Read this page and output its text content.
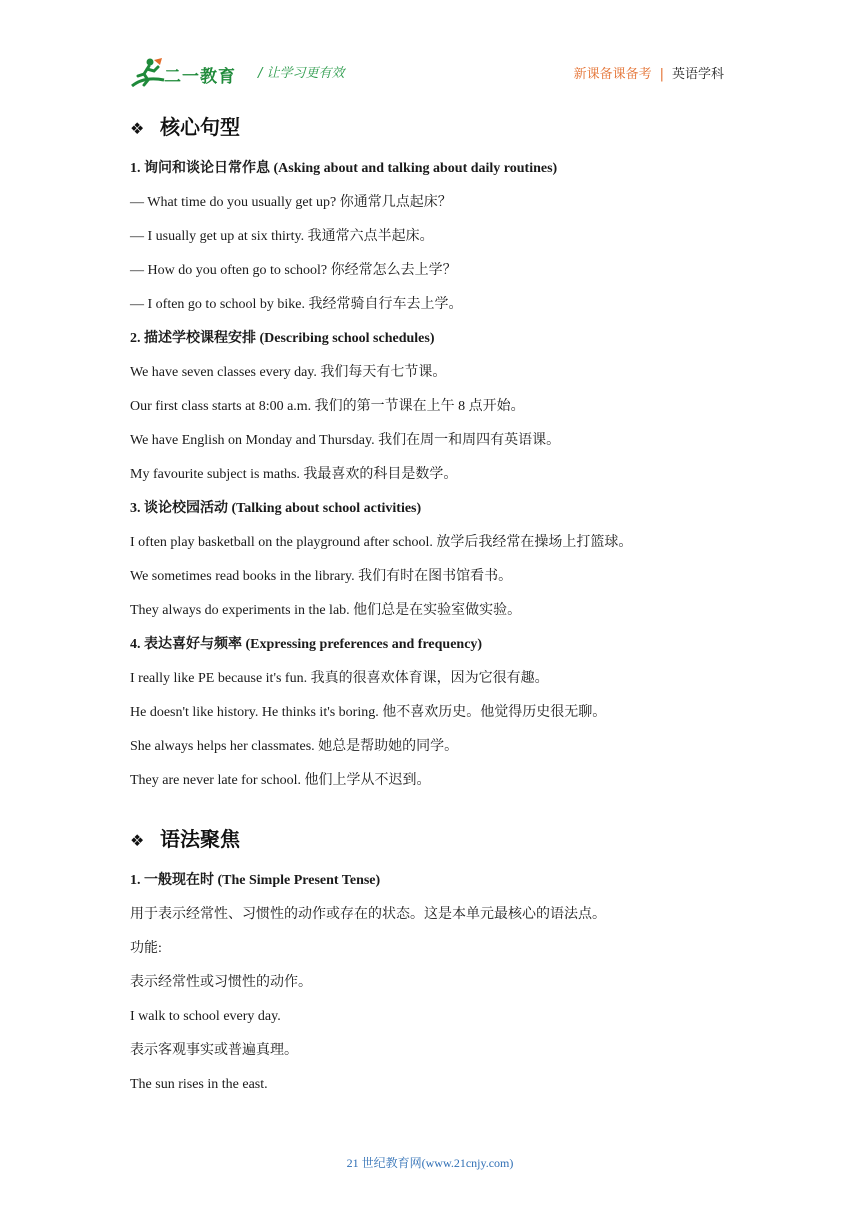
二一教育 / 让学习更有效	新课备课备考 | 英语学科
❖ 核心句型
1. 询问和谈论日常作息 (Asking about and talking about daily routines)
— What time do you usually get up? 你通常几点起床？
— I usually get up at six thirty. 我通常六点半起床。
— How do you often go to school? 你经常怎么去上学？
— I often go to school by bike. 我经常骑自行车去上学。
2. 描述学校课程安排 (Describing school schedules)
We have seven classes every day. 我们每天有七节课。
Our first class starts at 8:00 a.m. 我们的第一节课在上午 8 点开始。
We have English on Monday and Thursday. 我们在周一和周四有英语课。
My favourite subject is maths. 我最喜欢的科目是数学。
3. 谈论校园活动 (Talking about school activities)
I often play basketball on the playground after school. 放学后我经常在操场上打篮球。
We sometimes read books in the library. 我们有时在图书馆看书。
They always do experiments in the lab. 他们总是在实验室做实验。
4. 表达喜好与频率 (Expressing preferences and frequency)
I really like PE because it's fun. 我真的很喜欢体育课，因为它很有趣。
He doesn't like history. He thinks it's boring. 他不喜欢历史。他觉得历史很无聊。
She always helps her classmates. 她总是帮助她的同学。
They are never late for school. 他们上学从不迟到。
❖ 语法聚焦
1. 一般现在时 (The Simple Present Tense)
用于表示经常性、习惯性的动作或存在的状态。这是本单元最核心的语法点。
功能:
表示经常性或习惯性的动作。
I walk to school every day.
表示客观事实或普遍真理。
The sun rises in the east.
21 世纪教育网(www.21cnjy.com)
